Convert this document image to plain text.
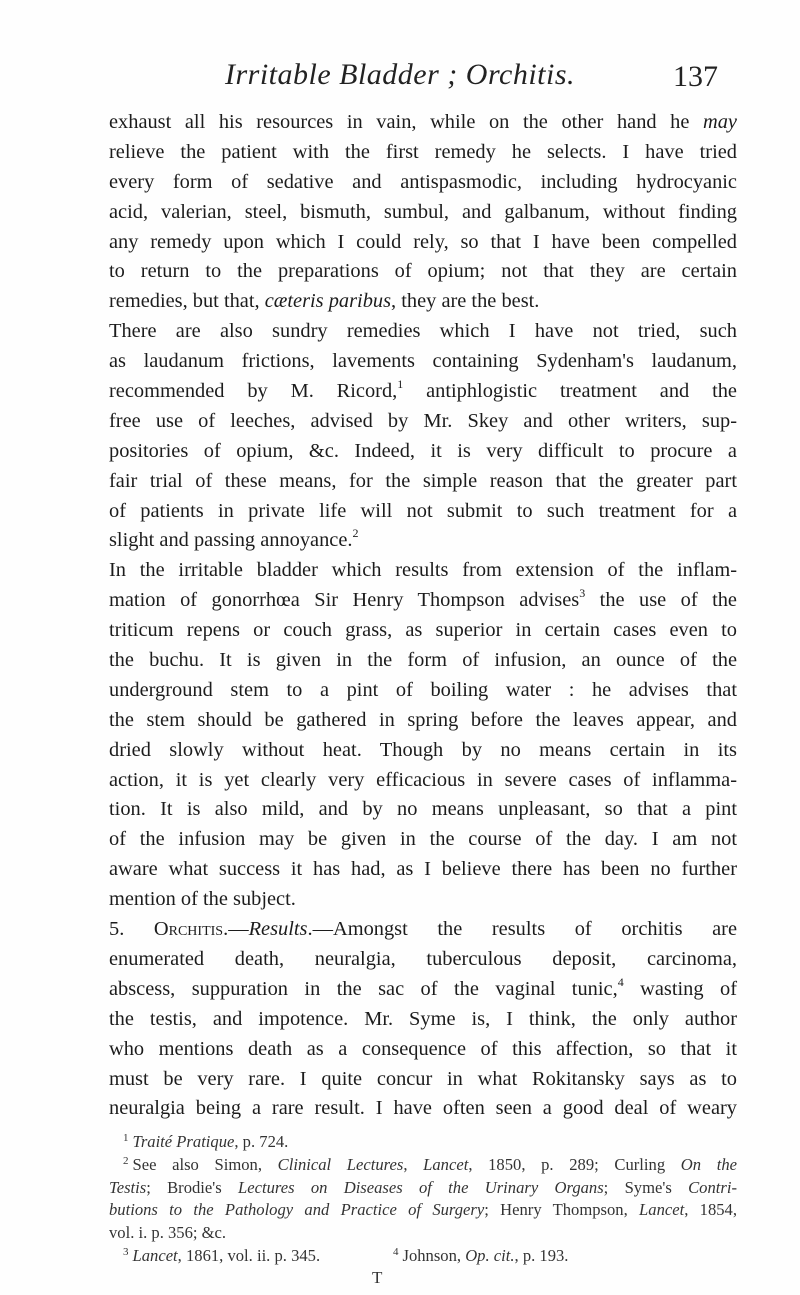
Irritable Bladder ; Orchitis.	137
exhaust all his resources in vain, while on the other hand he may
relieve the patient with the first remedy he selects. I have tried
every form of sedative and antispasmodic, including hydrocyanic
acid, valerian, steel, bismuth, sumbul, and galbanum, without finding
any remedy upon which I could rely, so that I have been compelled
to return to the preparations of opium; not that they are certain
remedies, but that, cæteris paribus, they are the best.
There are also sundry remedies which I have not tried, such
as laudanum frictions, lavements containing Sydenham's laudanum,
recommended by M. Ricord,$^1$ antiphlogistic treatment and the
free use of leeches, advised by Mr. Skey and other writers, sup-
positories of opium, &c. Indeed, it is very difficult to procure a
fair trial of these means, for the simple reason that the greater part
of patients in private life will not submit to such treatment for a
slight and passing annoyance.$^2$
In the irritable bladder which results from extension of the inflam-
mation of gonorrhœa Sir Henry Thompson advises$^3$ the use of the
triticum repens or couch grass, as superior in certain cases even to
the buchu. It is given in the form of infusion, an ounce of the
underground stem to a pint of boiling water : he advises that
the stem should be gathered in spring before the leaves appear, and
dried slowly without heat. Though by no means certain in its
action, it is yet clearly very efficacious in severe cases of inflamma-
tion. It is also mild, and by no means unpleasant, so that a pint
of the infusion may be given in the course of the day. I am not
aware what success it has had, as I believe there has been no further
mention of the subject.
5. Orchitis.—Results.—Amongst the results of orchitis are
enumerated death, neuralgia, tuberculous deposit, carcinoma,
abscess, suppuration in the sac of the vaginal tunic,$^4$ wasting of
the testis, and impotence. Mr. Syme is, I think, the only author
who mentions death as a consequence of this affection, so that it
must be very rare. I quite concur in what Rokitansky says as to
neuralgia being a rare result. I have often seen a good deal of weary
$^1$ Traité Pratique, p. 724.
$^2$ See also Simon, Clinical Lectures, Lancet, 1850, p. 289; Curling On the
Testis; Brodie's Lectures on Diseases of the Urinary Organs; Syme's Contri-
butions to the Pathology and Practice of Surgery; Henry Thompson, Lancet, 1854,
vol. i. p. 356; &c.
$^3$ Lancet, 1861, vol. ii. p. 345.	$^4$ Johnson, Op. cit., p. 193.
T
